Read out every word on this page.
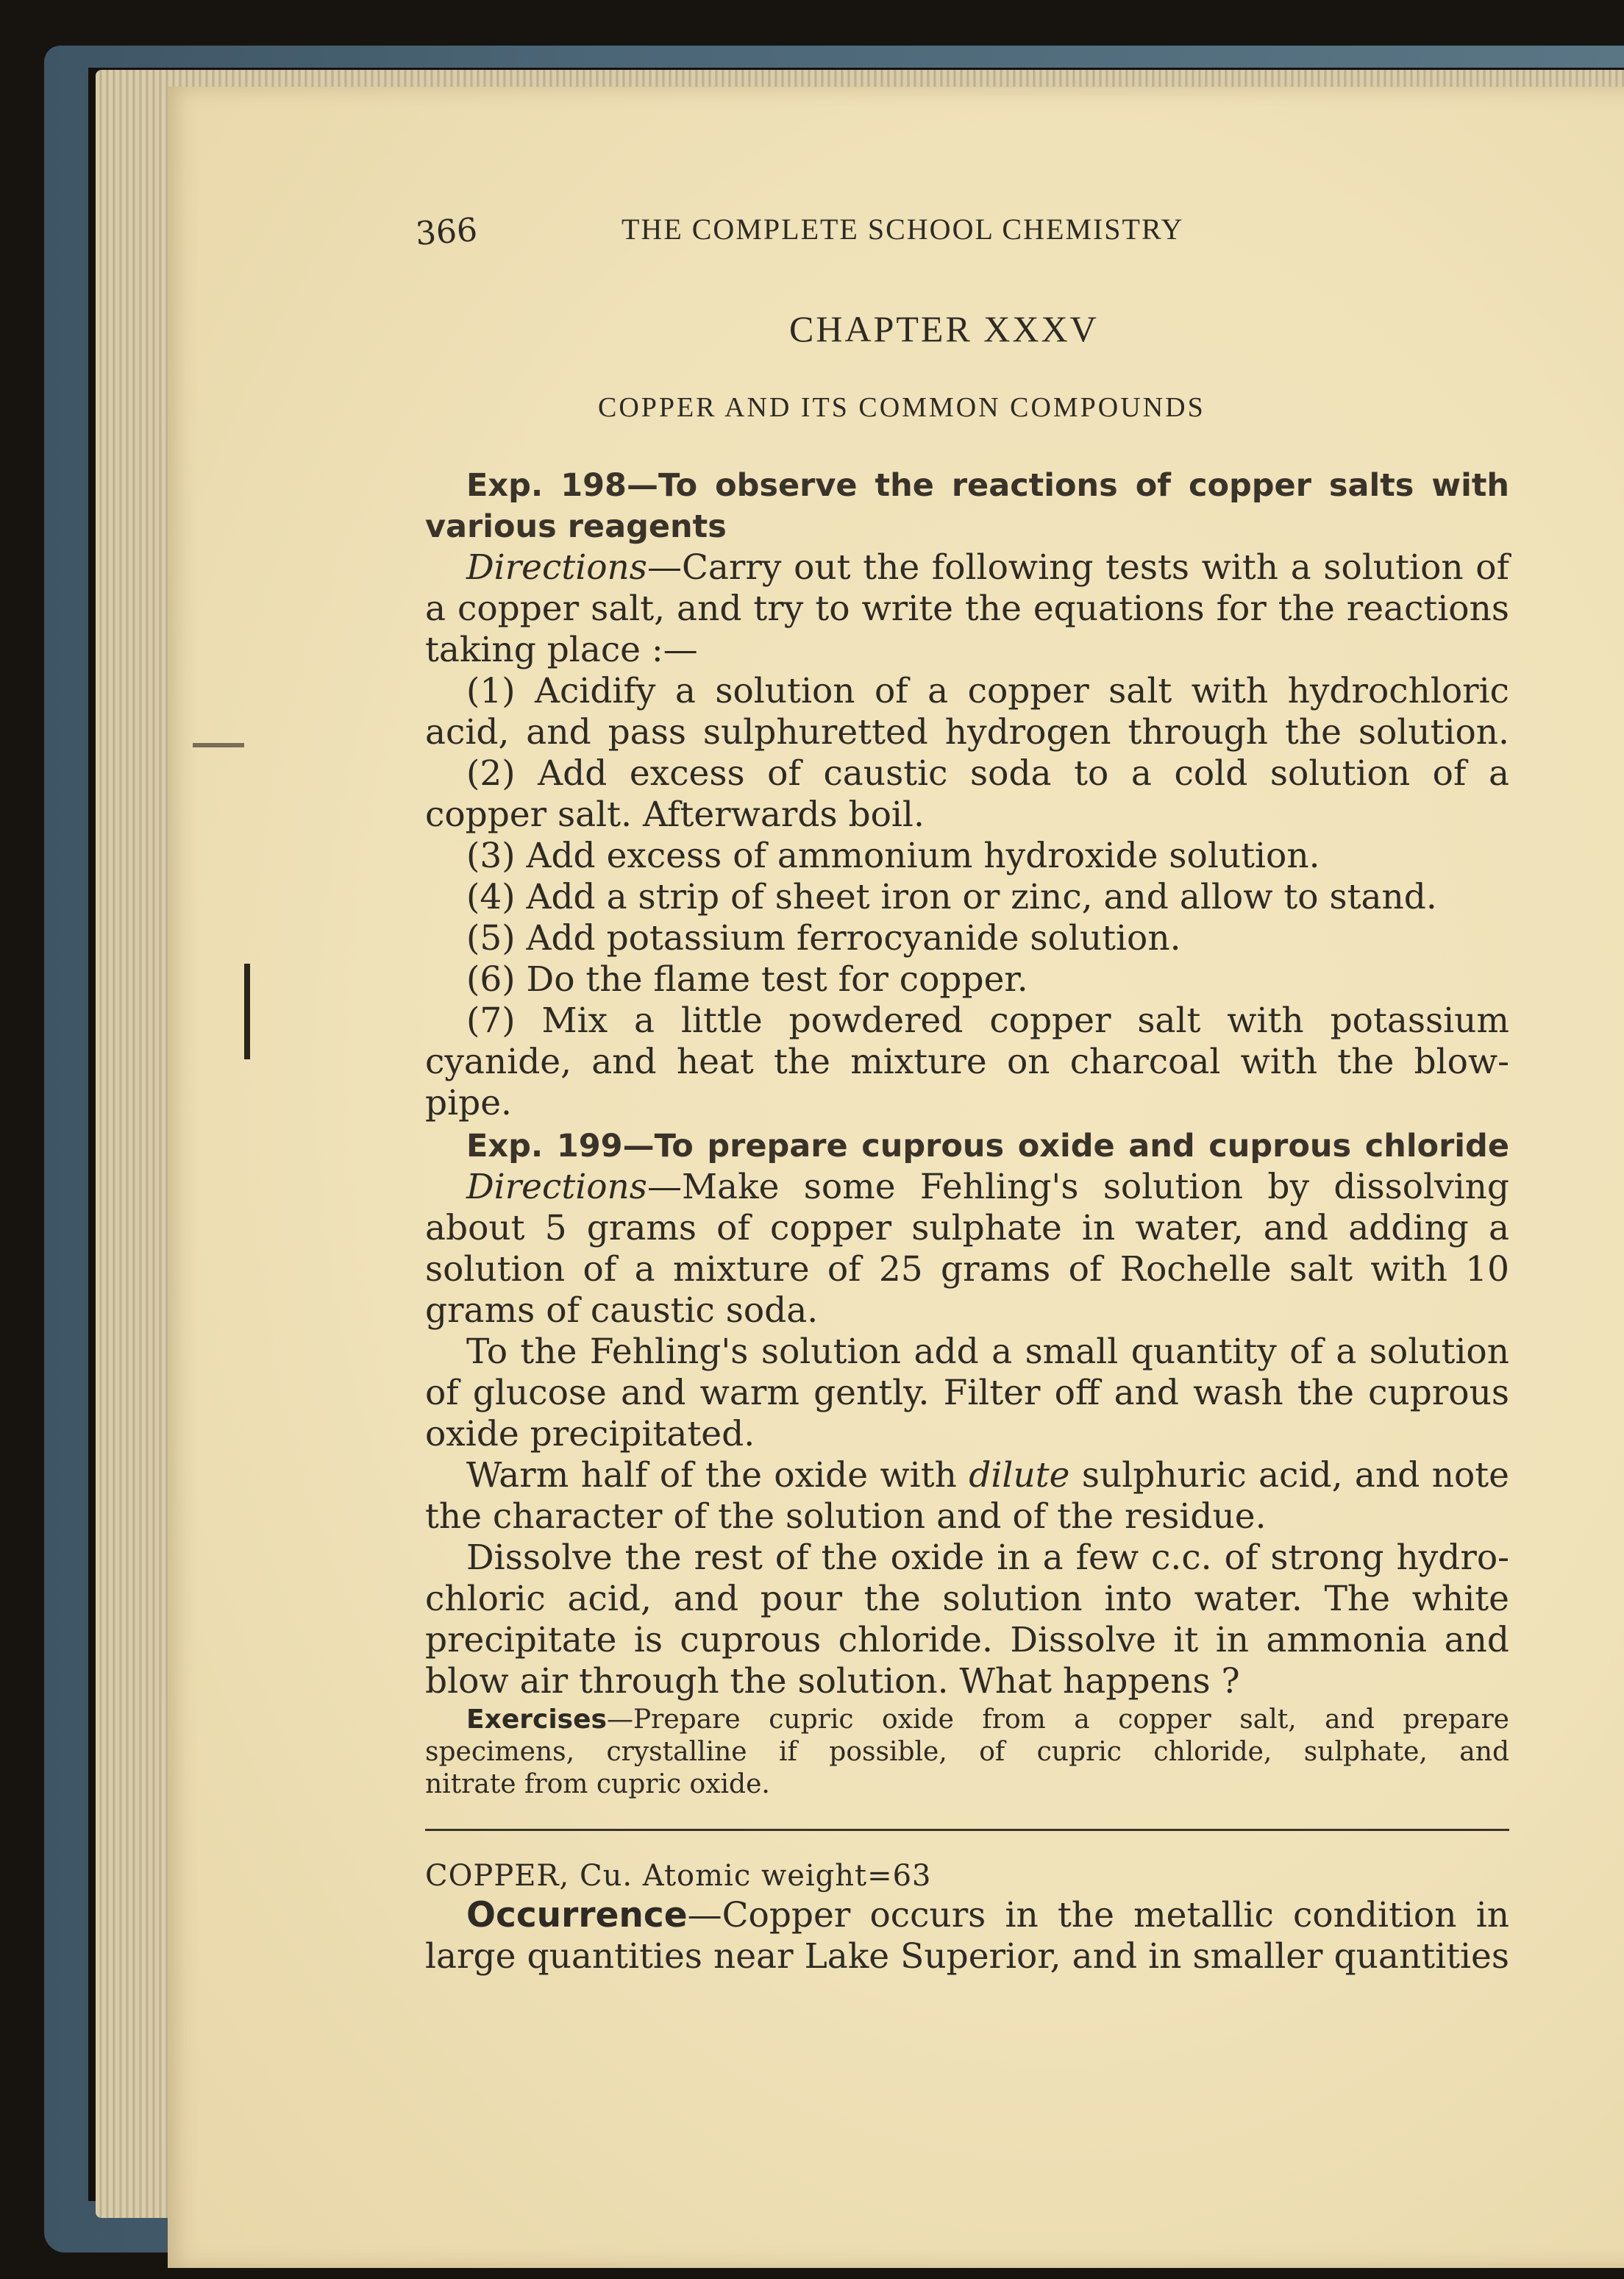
366	THE COMPLETE SCHOOL CHEMISTRY
CHAPTER XXXV
COPPER AND ITS COMMON COMPOUNDS
Exp. 198—To observe the reactions of copper salts with
various reagents
Directions—Carry out the following tests with a solution of
a copper salt, and try to write the equations for the reactions
taking place :—
(1) Acidify a solution of a copper salt with hydrochloric
acid, and pass sulphuretted hydrogen through the solution.
(2) Add excess of caustic soda to a cold solution of a
copper salt. Afterwards boil.
(3) Add excess of ammonium hydroxide solution.
(4) Add a strip of sheet iron or zinc, and allow to stand.
(5) Add potassium ferrocyanide solution.
(6) Do the flame test for copper.
(7) Mix a little powdered copper salt with potassium
cyanide, and heat the mixture on charcoal with the blow-pipe.
Exp. 199—To prepare cuprous oxide and cuprous chloride
Directions—Make some Fehling's solution by dissolving
about 5 grams of copper sulphate in water, and adding a
solution of a mixture of 25 grams of Rochelle salt with 10
grams of caustic soda.
To the Fehling's solution add a small quantity of a solution
of glucose and warm gently. Filter off and wash the cuprous
oxide precipitated.
Warm half of the oxide with dilute sulphuric acid, and note
the character of the solution and of the residue.
Dissolve the rest of the oxide in a few c.c. of strong hydro-
chloric acid, and pour the solution into water. The white
precipitate is cuprous chloride. Dissolve it in ammonia and
blow air through the solution. What happens ?
Exercises—Prepare cupric oxide from a copper salt, and prepare
specimens, crystalline if possible, of cupric chloride, sulphate, and
nitrate from cupric oxide.
COPPER, Cu. Atomic weight=63
Occurrence—Copper occurs in the metallic condition in
large quantities near Lake Superior, and in smaller quantities
